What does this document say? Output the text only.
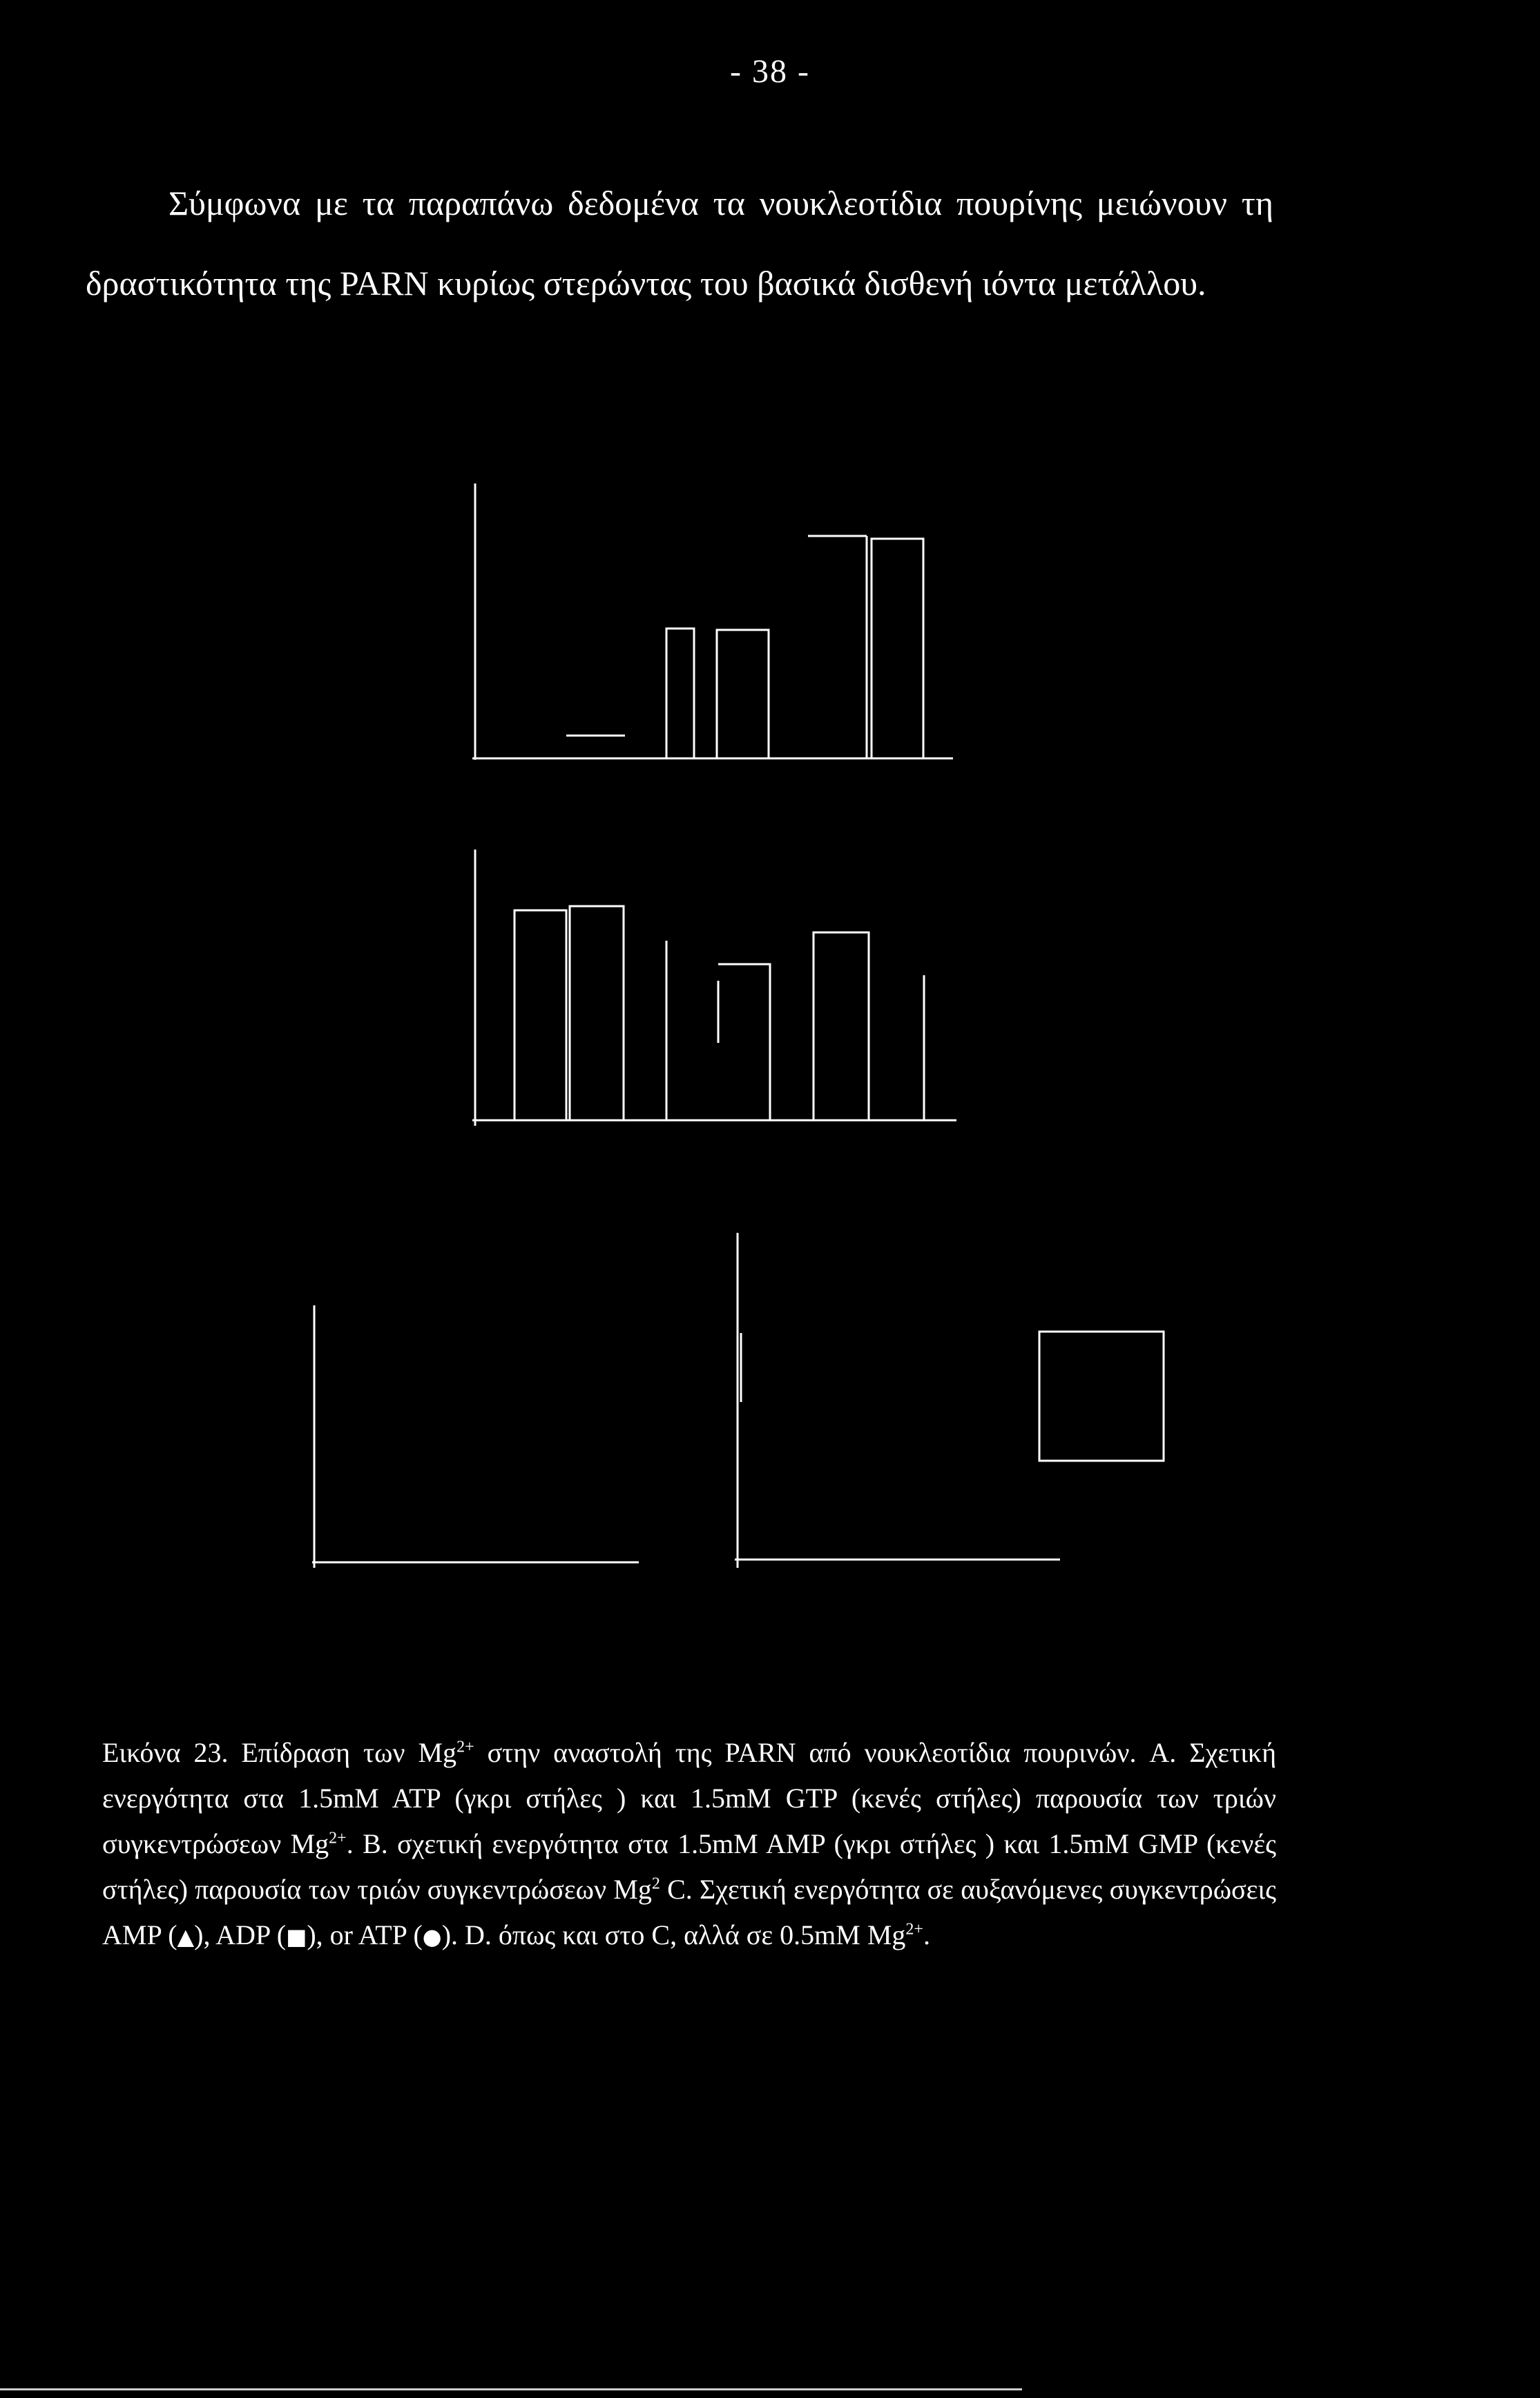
- 38 -
Σύμφωνα με τα παραπάνω δεδομένα τα νουκλεοτίδια πουρίνης μειώνουν τη δραστικότητα της PARN κυρίως στερώντας του βασικά δισθενή ιόντα μετάλλου.
Εικόνα 23. Επίδραση των $Mg^{2+}$ στην αναστολή της PARN από νουκλεοτίδια πουρινών. A. Σχετική ενεργότητα στα 1.5mM ATP (γκρι στήλες ) και 1.5mM GTP (κενές στήλες) παρουσία των τριών συγκεντρώσεων $Mg^{2+}$. B. σχετική ενεργότητα στα 1.5mM AMP (γκρι στήλες ) και 1.5mM GMP (κενές στήλες) παρουσία των τριών συγκεντρώσεων Mg$^2$ C. Σχετική ενεργότητα σε αυξανόμενες συγκεντρώσεις AMP (▲), ADP (■), or ATP (●). D. όπως και στο C, αλλά σε 0.5mM $Mg^{2+}$.
